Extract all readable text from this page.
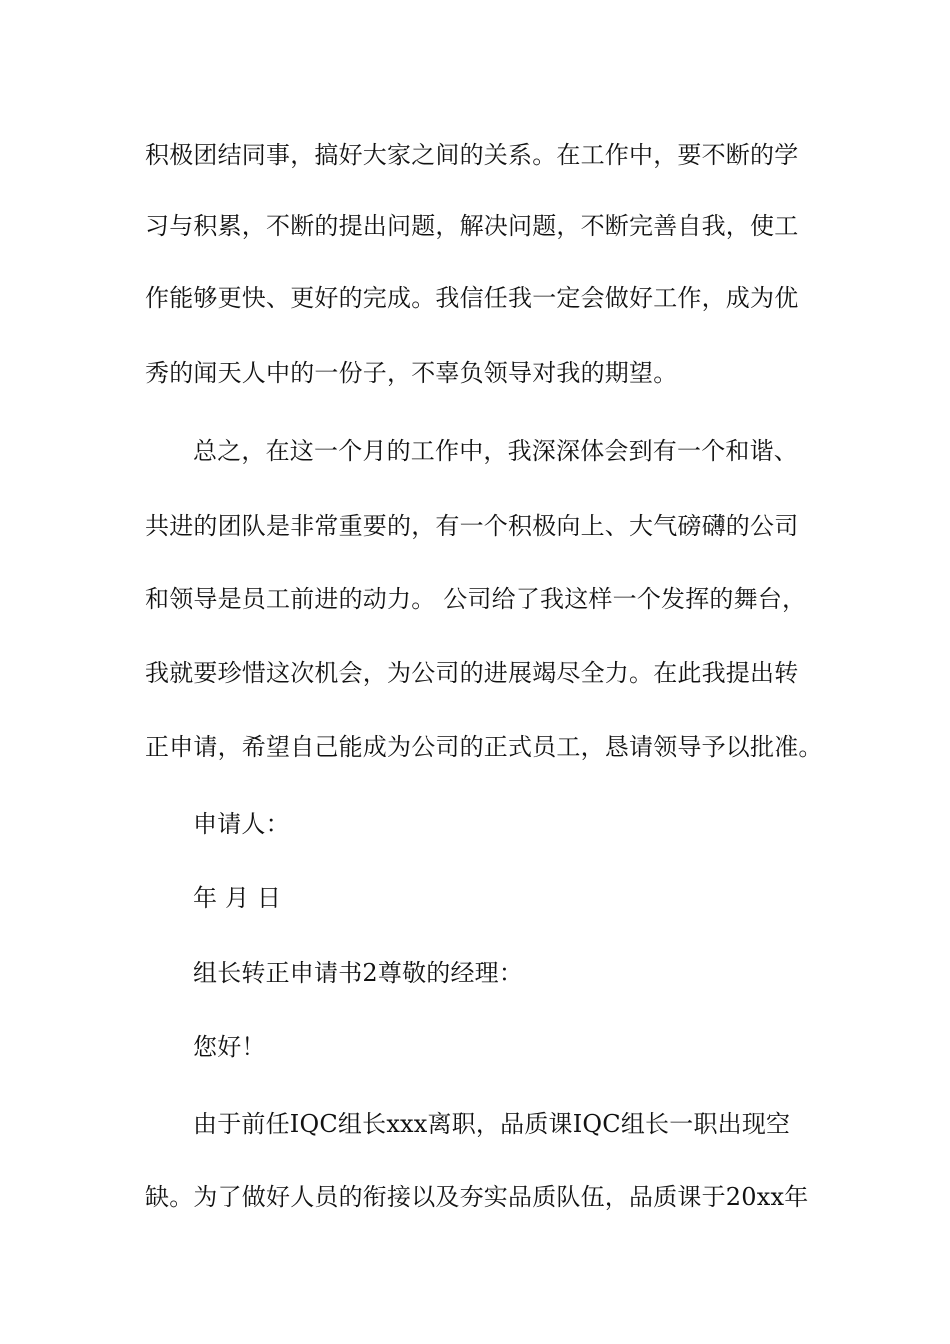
积极团结同事，搞好大家之间的关系。在工作中，要不断的学
习与积累，不断的提出问题，解决问题，不断完善自我，使工
作能够更快、更好的完成。我信任我一定会做好工作，成为优
秀的闻天人中的一份子，不辜负领导对我的期望。
总之，在这一个月的工作中，我深深体会到有一个和谐、
共进的团队是非常重要的，有一个积极向上、大气磅礴的公司
和领导是员工前进的动力。 公司给了我这样一个发挥的舞台，
我就要珍惜这次机会，为公司的进展竭尽全力。在此我提出转
正申请，希望自己能成为公司的正式员工，恳请领导予以批准。
申请人：
年 月 日
组长转正申请书2尊敬的经理：
您好！
由于前任IQC组长xxx离职，品质课IQC组长一职出现空
缺。为了做好人员的衔接以及夯实品质队伍，品质课于20xx年
